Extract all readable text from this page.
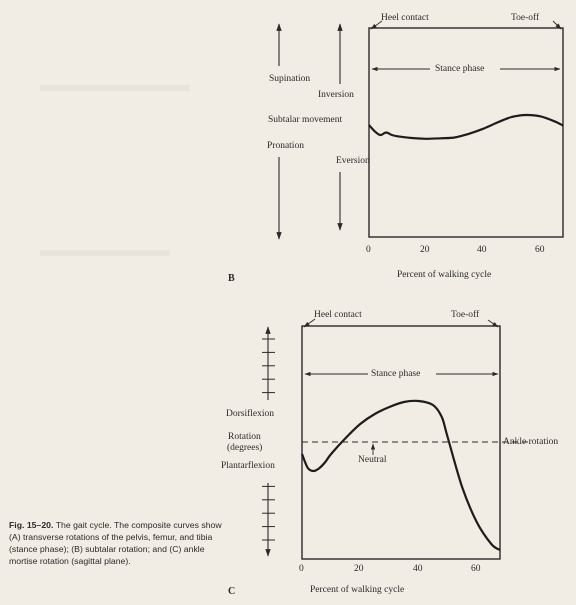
Heel contact	Toe-off
Stance phase
Supination
Inversion
Subtalar movement
Pronation
Eversion
0	20	40	60
Percent of walking cycle
B
Heel contact	Toe-off
Stance phase
Dorsiflexion
Rotation
(degrees)
Plantarflexion
Neutral
Ankle rotation
0	20	40	60
Percent of walking cycle
C
Fig. 15–20. The gait cycle. The composite curves show (A) transverse rotations of the pelvis, femur, and tibia (stance phase); (B) subtalar rotation; and (C) ankle mortise rotation (sagittal plane).
